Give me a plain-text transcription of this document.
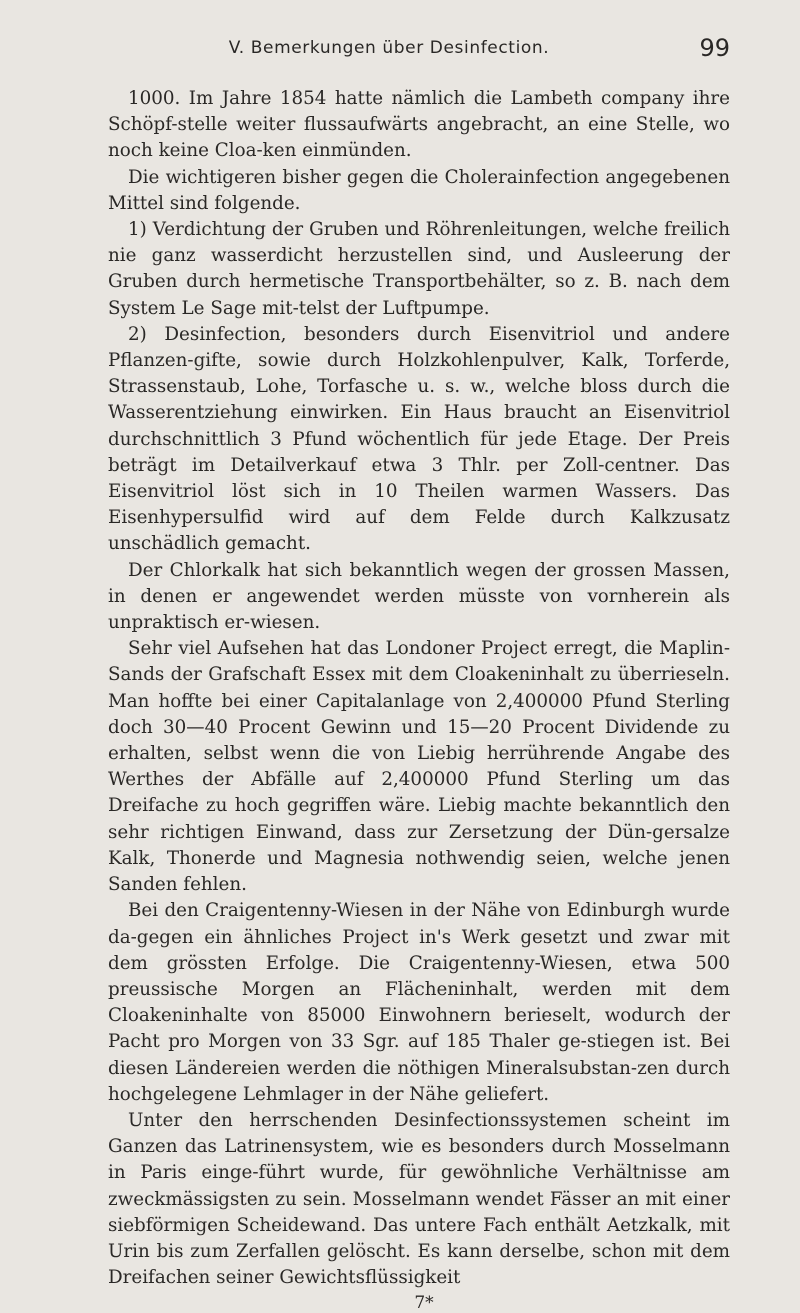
V. Bemerkungen über Desinfection.	99

1000. Im Jahre 1854 hatte nämlich die Lambeth company ihre Schöpf-stelle weiter flussaufwärts angebracht, an eine Stelle, wo noch keine Cloa-ken einmünden.

Die wichtigeren bisher gegen die Cholerainfection angegebenen Mittel sind folgende.

1) Verdichtung der Gruben und Röhrenleitungen, welche freilich nie ganz wasserdicht herzustellen sind, und Ausleerung der Gruben durch hermetische Transportbehälter, so z. B. nach dem System Le Sage mit-telst der Luftpumpe.

2) Desinfection, besonders durch Eisenvitriol und andere Pflanzen-gifte, sowie durch Holzkohlenpulver, Kalk, Torferde, Strassenstaub, Lohe, Torfasche u. s. w., welche bloss durch die Wasserentziehung einwirken. Ein Haus braucht an Eisenvitriol durchschnittlich 3 Pfund wöchentlich für jede Etage. Der Preis beträgt im Detailverkauf etwa 3 Thlr. per Zoll-centner. Das Eisenvitriol löst sich in 10 Theilen warmen Wassers. Das Eisenhypersulfid wird auf dem Felde durch Kalkzusatz unschädlich gemacht.

Der Chlorkalk hat sich bekanntlich wegen der grossen Massen, in denen er angewendet werden müsste von vornherein als unpraktisch er-wiesen.

Sehr viel Aufsehen hat das Londoner Project erregt, die Maplin-Sands der Grafschaft Essex mit dem Cloakeninhalt zu überrieseln. Man hoffte bei einer Capitalanlage von 2,400000 Pfund Sterling doch 30—40 Procent Gewinn und 15—20 Procent Dividende zu erhalten, selbst wenn die von Liebig herrührende Angabe des Werthes der Abfälle auf 2,400000 Pfund Sterling um das Dreifache zu hoch gegriffen wäre. Liebig machte bekanntlich den sehr richtigen Einwand, dass zur Zersetzung der Dün-gersalze Kalk, Thonerde und Magnesia nothwendig seien, welche jenen Sanden fehlen.

Bei den Craigentenny-Wiesen in der Nähe von Edinburgh wurde da-gegen ein ähnliches Project in's Werk gesetzt und zwar mit dem grössten Erfolge. Die Craigentenny-Wiesen, etwa 500 preussische Morgen an Flächeninhalt, werden mit dem Cloakeninhalte von 85000 Einwohnern berieselt, wodurch der Pacht pro Morgen von 33 Sgr. auf 185 Thaler ge-stiegen ist. Bei diesen Ländereien werden die nöthigen Mineralsubstan-zen durch hochgelegene Lehmlager in der Nähe geliefert.

Unter den herrschenden Desinfectionssystemen scheint im Ganzen das Latrinensystem, wie es besonders durch Mosselmann in Paris einge-führt wurde, für gewöhnliche Verhältnisse am zweckmässigsten zu sein. Mosselmann wendet Fässer an mit einer siebförmigen Scheidewand. Das untere Fach enthält Aetzkalk, mit Urin bis zum Zerfallen gelöscht. Es kann derselbe, schon mit dem Dreifachen seiner Gewichtsflüssigkeit

7*
